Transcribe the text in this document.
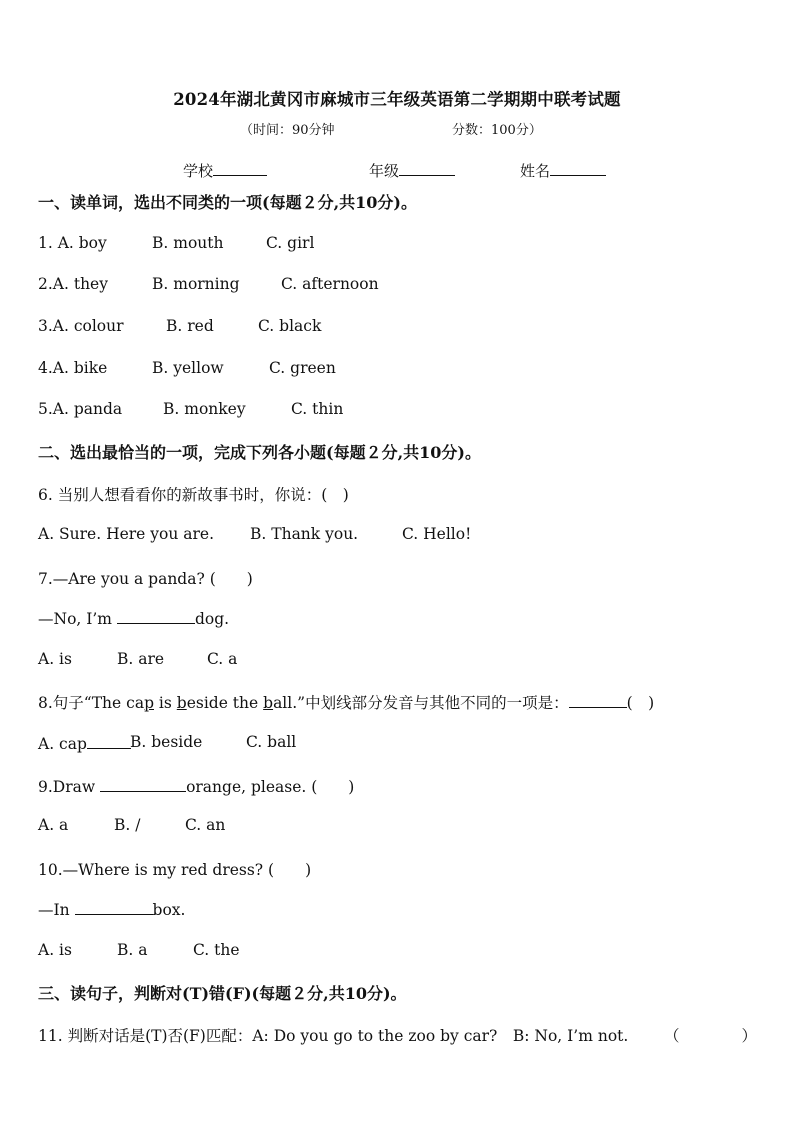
2024年湖北黄冈市麻城市三年级英语第二学期期中联考试题
（时间：90分钟	分数：100分）
学校	年级	姓名
一、读单词，选出不同类的一项(每题２分,共10分)。
1. A. boy	B. mouth	C. girl
2.A. they	B. morning	C. afternoon
3.A. colour	B. red	C. black
4.A. bike	B. yellow	C. green
5.A. panda	B. monkey	C. thin
二、选出最恰当的一项，完成下列各小题(每题２分,共10分)。
6. 当别人想看看你的新故事书时，你说：(　)
A. Sure. Here you are. B. Thank you.	C. Hello!
7.—Are you a panda? (　　)
—No, I’m	dog.
A. is	B. are	C. a
8.句子“The cap is beside the ball.”中划线部分发音与其他不同的一项是：	(　)
A. cap	B. beside	C. ball
9.Draw	orange, please. (　　)
A. a	B. /	C. an
10.—Where is my red dress? (　　)
—In	box.
A. is	B. a	C. the
三、读句子，判断对(T)错(F)(每题２分,共10分)。
11. 判断对话是(T)否(F)匹配：A: Do you go to the zoo by car?　B: No, I’m not. （　　　　）
